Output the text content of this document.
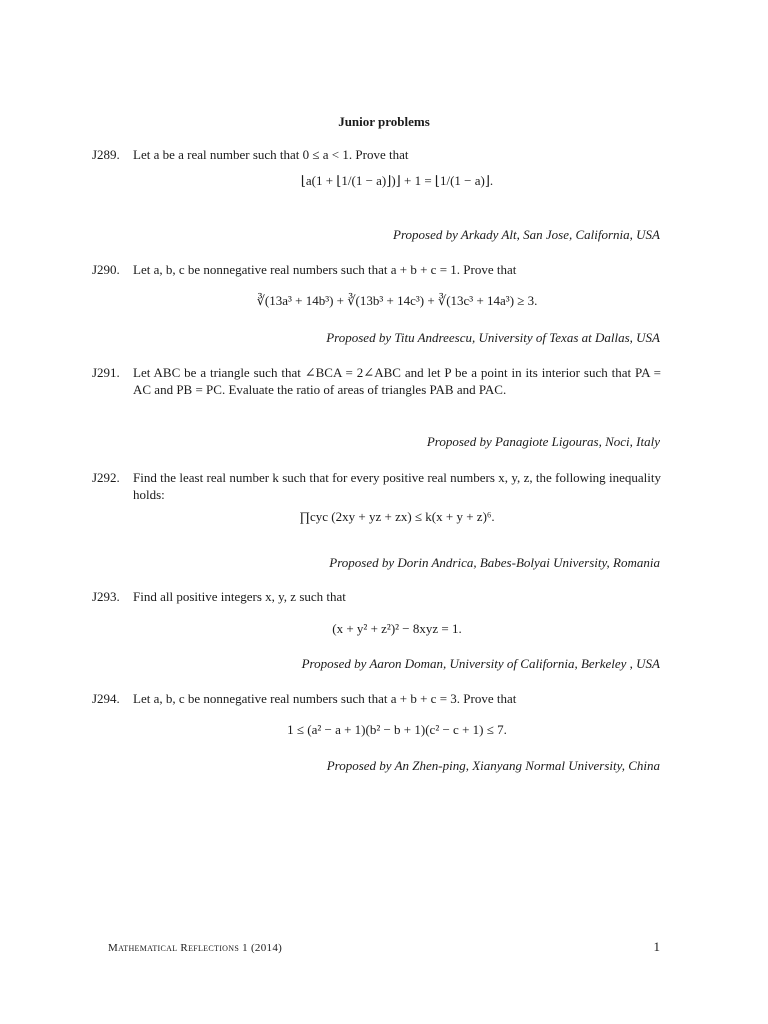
Junior problems
J289.	Let a be a real number such that 0 ≤ a < 1. Prove that
⌊a(1 + ⌊1/(1 − a)⌋)⌋ + 1 = ⌊1/(1 − a)⌋.
Proposed by Arkady Alt, San Jose, California, USA
J290.	Let a, b, c be nonnegative real numbers such that a + b + c = 1. Prove that
∛(13a³ + 14b³) + ∛(13b³ + 14c³) + ∛(13c³ + 14a³) ≥ 3.
Proposed by Titu Andreescu, University of Texas at Dallas, USA
J291.	Let ABC be a triangle such that ∠BCA = 2∠ABC and let P be a point in its interior such that PA = AC and PB = PC. Evaluate the ratio of areas of triangles PAB and PAC.
Proposed by Panagiote Ligouras, Noci, Italy
J292.	Find the least real number k such that for every positive real numbers x, y, z, the following inequality holds:
∏cyc (2xy + yz + zx) ≤ k(x + y + z)⁶.
Proposed by Dorin Andrica, Babes-Bolyai University, Romania
J293.	Find all positive integers x, y, z such that
(x + y² + z²)² − 8xyz = 1.
Proposed by Aaron Doman, University of California, Berkeley , USA
J294.	Let a, b, c be nonnegative real numbers such that a + b + c = 3. Prove that
1 ≤ (a² − a + 1)(b² − b + 1)(c² − c + 1) ≤ 7.
Proposed by An Zhen-ping, Xianyang Normal University, China
Mathematical Reflections 1 (2014)	1
